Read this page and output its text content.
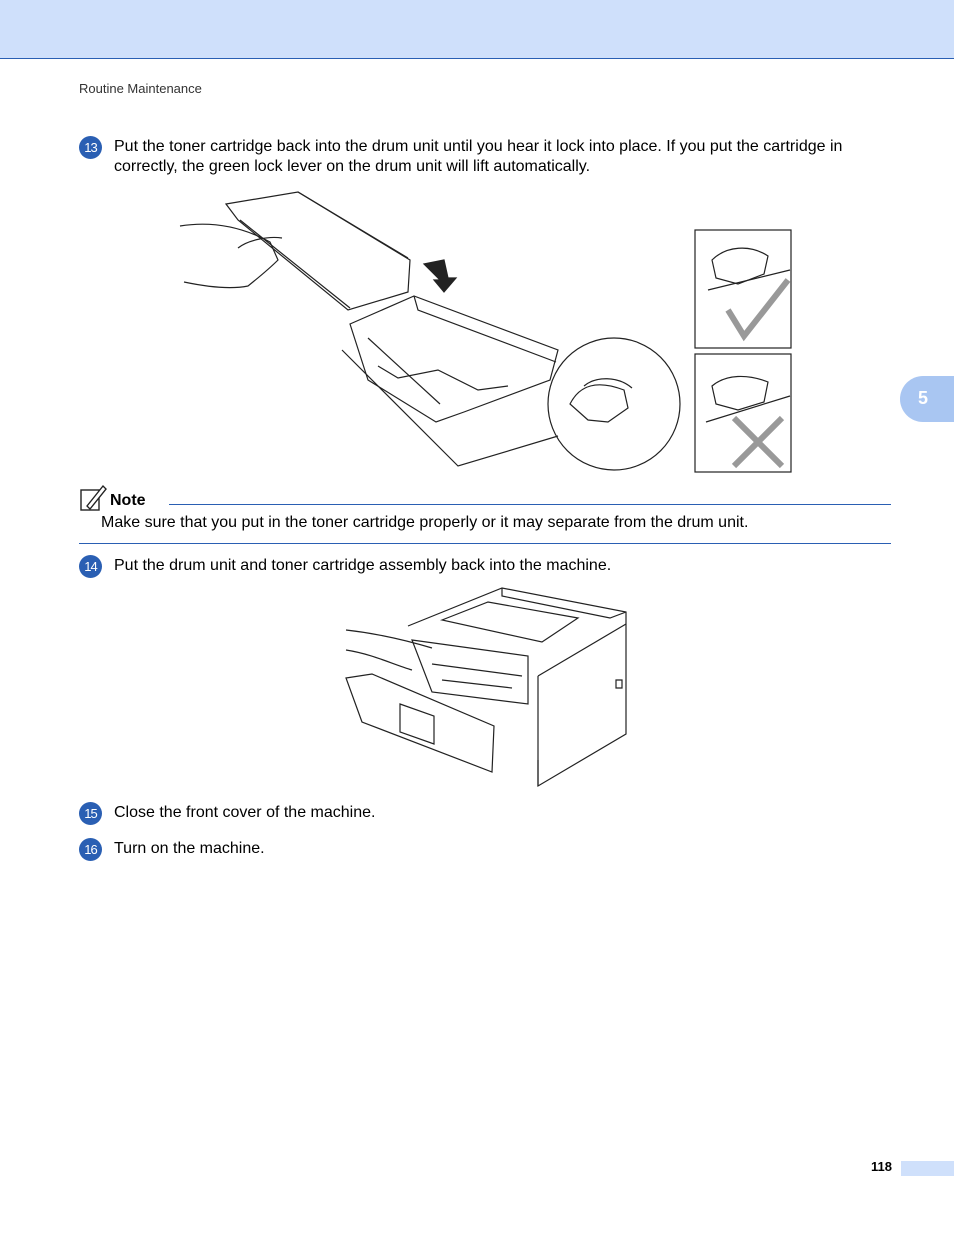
Routine Maintenance
5
13	Put the toner cartridge back into the drum unit until you hear it lock into place. If you put the cartridge in correctly, the green lock lever on the drum unit will lift automatically.
Note
Make sure that you put in the toner cartridge properly or it may separate from the drum unit.
14	Put the drum unit and toner cartridge assembly back into the machine.
15	Close the front cover of the machine.
16	Turn on the machine.
118
